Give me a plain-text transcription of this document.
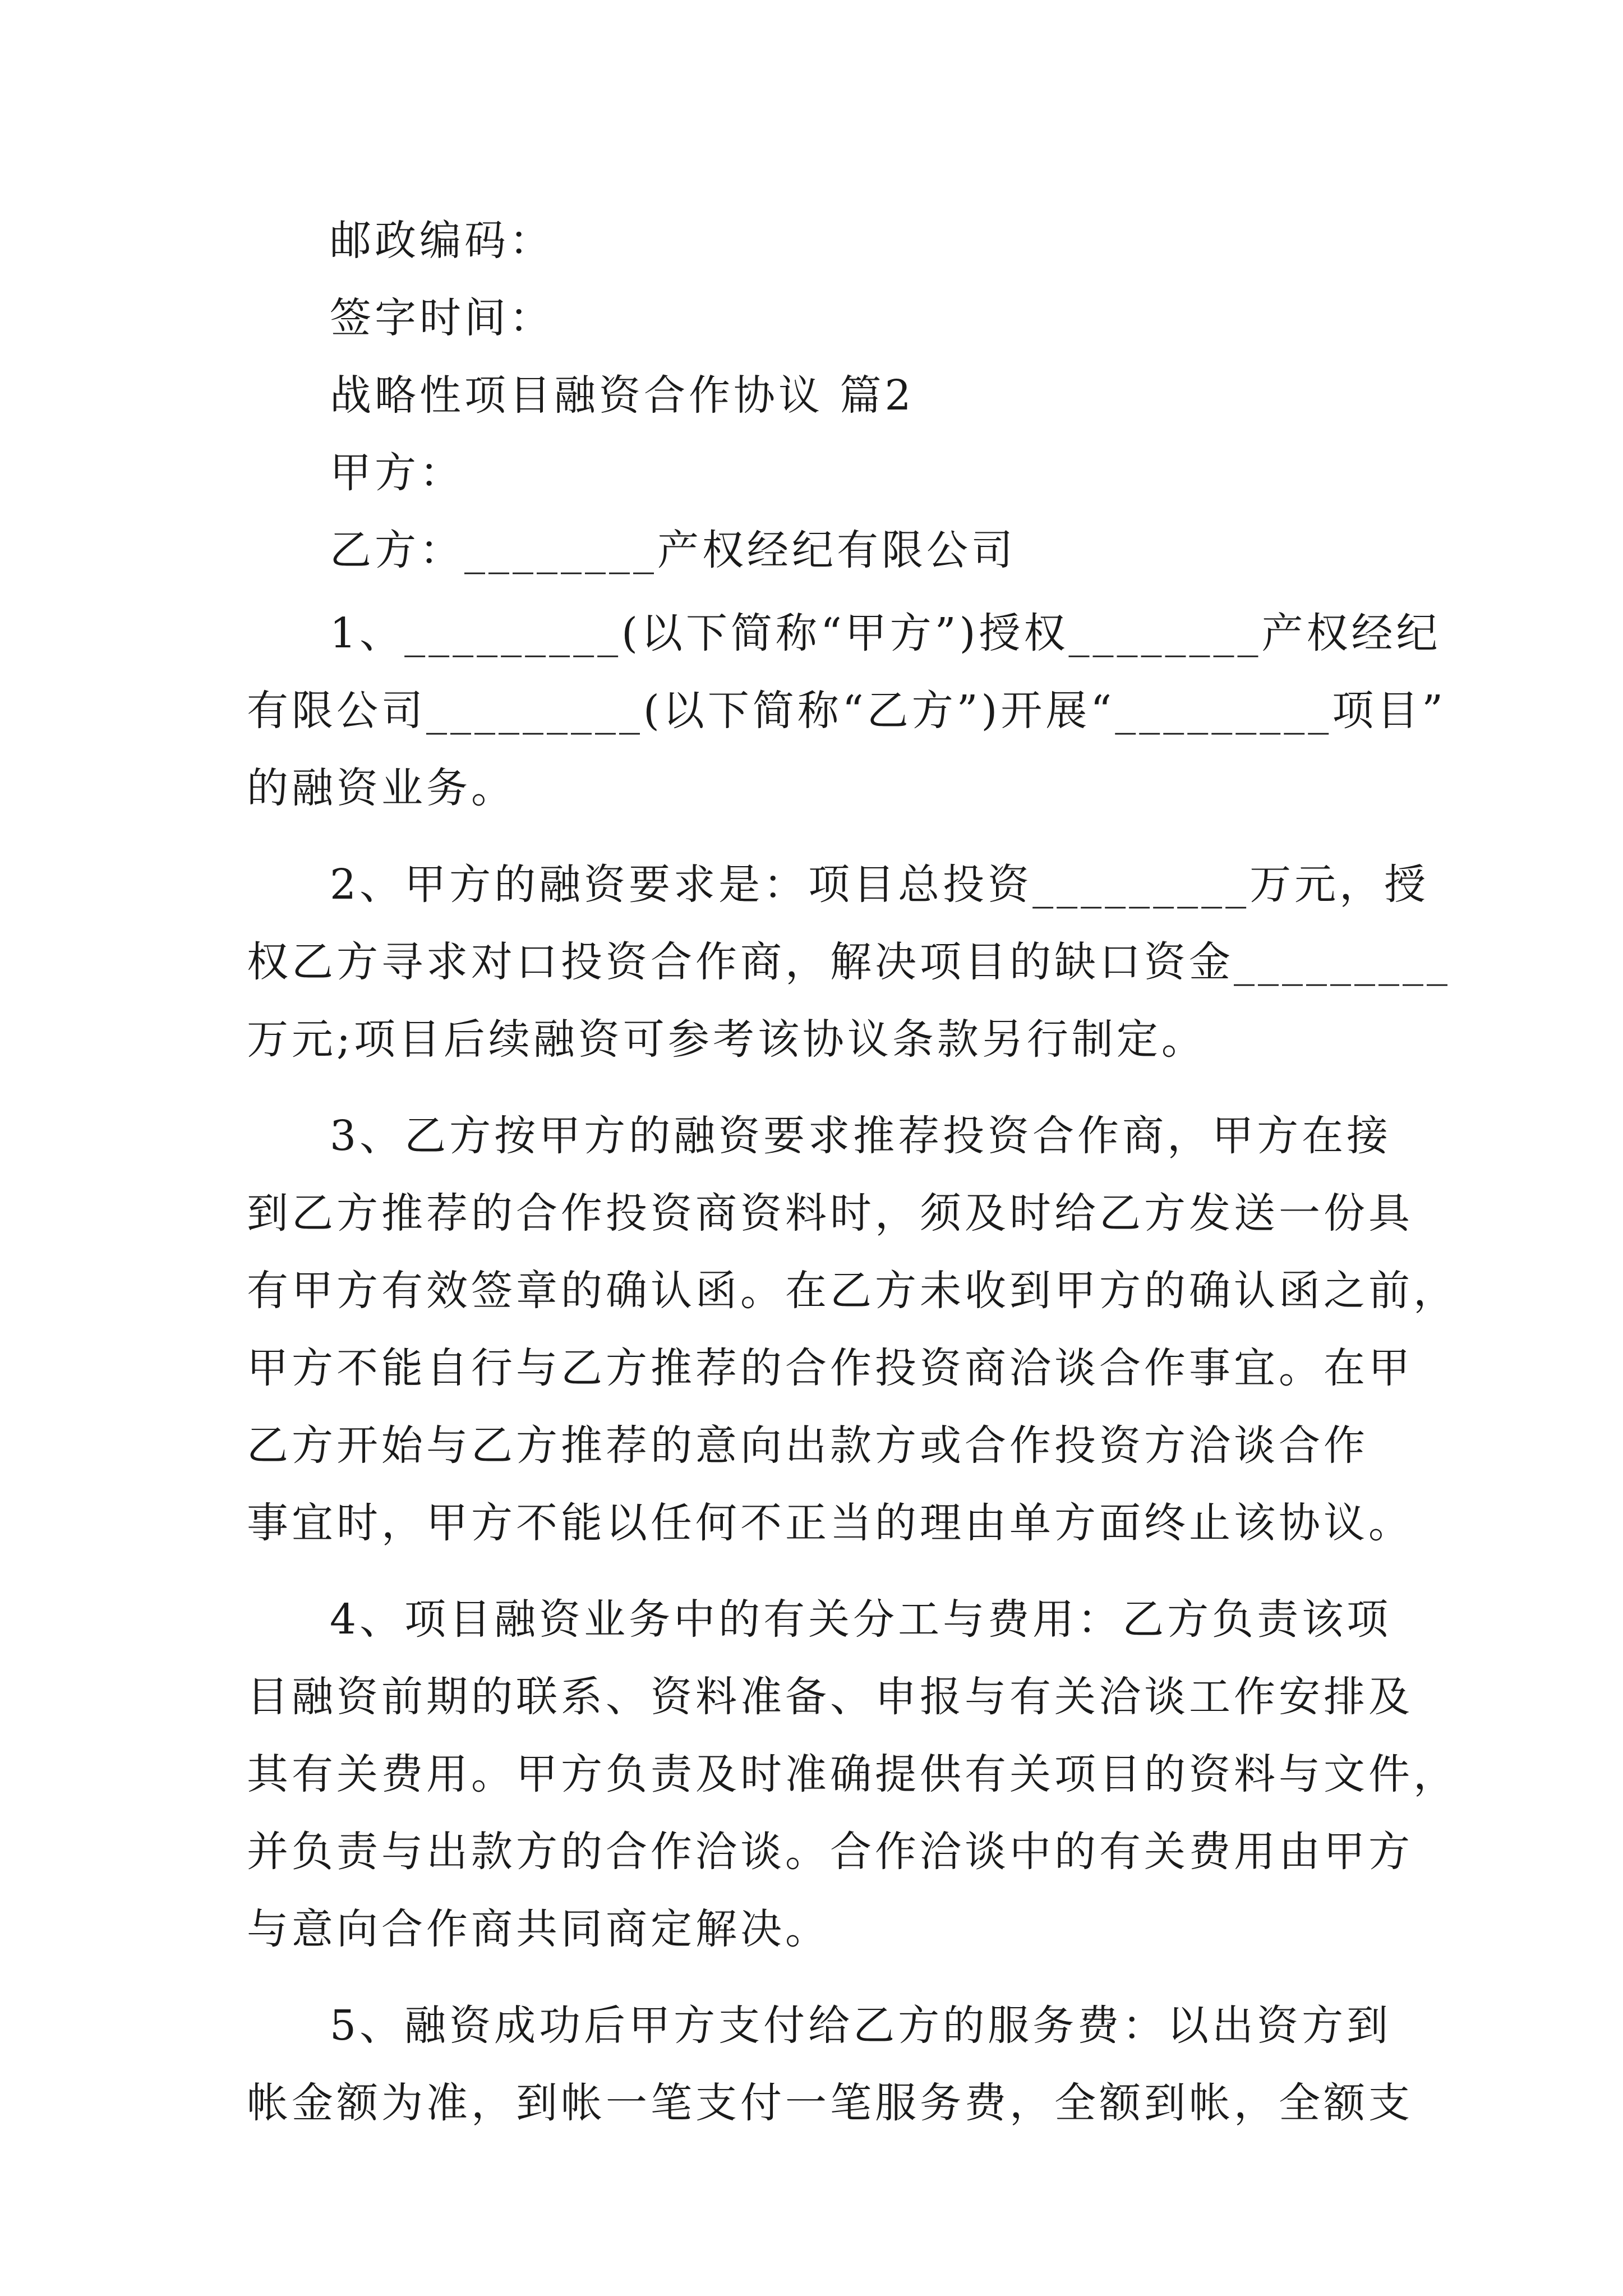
邮政编码：
签字时间：
战略性项目融资合作协议 篇2
甲方：
乙方：________产权经纪有限公司
1、_________(以下简称“甲方”)授权________产权经纪
有限公司_________(以下简称“乙方”)开展“_________项目”
的融资业务。
2、甲方的融资要求是：项目总投资_________万元，授
权乙方寻求对口投资合作商，解决项目的缺口资金_________
万元;项目后续融资可参考该协议条款另行制定。
3、乙方按甲方的融资要求推荐投资合作商，甲方在接
到乙方推荐的合作投资商资料时，须及时给乙方发送一份具
有甲方有效签章的确认函。在乙方未收到甲方的确认函之前，
甲方不能自行与乙方推荐的合作投资商洽谈合作事宜。在甲
乙方开始与乙方推荐的意向出款方或合作投资方洽谈合作
事宜时，甲方不能以任何不正当的理由单方面终止该协议。
4、项目融资业务中的有关分工与费用：乙方负责该项
目融资前期的联系、资料准备、申报与有关洽谈工作安排及
其有关费用。甲方负责及时准确提供有关项目的资料与文件，
并负责与出款方的合作洽谈。合作洽谈中的有关费用由甲方
与意向合作商共同商定解决。
5、融资成功后甲方支付给乙方的服务费：以出资方到
帐金额为准，到帐一笔支付一笔服务费，全额到帐，全额支
